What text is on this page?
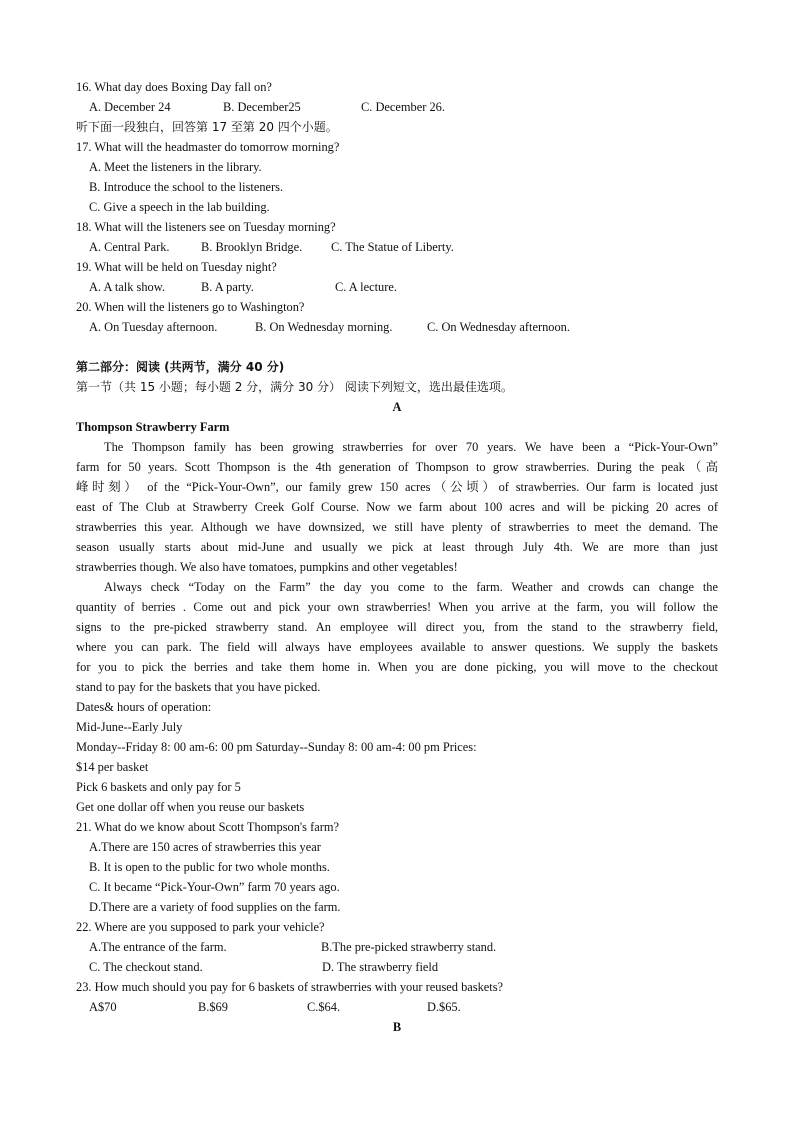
16. What day does Boxing Day fall on?
A. December 24	B. December25	C. December 26.
听下面一段独白，回答第 17 至第 20 四个小题。
17. What will the headmaster do tomorrow morning?
A. Meet the listeners in the library.
B. Introduce the school to the listeners.
C. Give a speech in the lab building.
18. What will the listeners see on Tuesday morning?
A. Central Park.	B. Brooklyn Bridge. C. The Statue of Liberty.
19. What will be held on Tuesday night?
A. A talk show.	B. A party.	C. A lecture.
20. When will the listeners go to Washington?
A. On Tuesday afternoon.	B. On Wednesday morning.	C. On Wednesday afternoon.
第二部分：阅读 (共两节，满分 40 分)
第一节（共 15 小题；每小题 2 分，满分 30 分） 阅读下列短文，选出最佳选项。
A
Thompson Strawberry Farm
The Thompson family has been growing strawberries for over 70 years. We have been a “Pick-Your-Own”
farm for 50 years. Scott Thompson is the 4th generation of Thompson to grow strawberries. During the peak（高
峰时刻） of the “Pick-Your-Own”, our family grew 150 acres（公顷）of strawberries. Our farm is located just
east of The Club at Strawberry Creek Golf Course. Now we farm about 100 acres and will be picking 20 acres of
strawberries this year. Although we have downsized, we still have plenty of strawberries to meet the demand. The
season usually starts about mid-June and usually we pick at least through July 4th. We are more than just
strawberries though. We also have tomatoes, pumpkins and other vegetables!
Always check “Today on the Farm” the day you come to the farm. Weather and crowds can change the
quantity of berries . Come out and pick your own strawberries! When you arrive at the farm, you will follow the
signs to the pre-picked strawberry stand. An employee will direct you, from the stand to the strawberry field,
where you can park. The field will always have employees available to answer questions. We supply the baskets
for you to pick the berries and take them home in. When you are done picking, you will move to the checkout
stand to pay for the baskets that you have picked.
Dates& hours of operation:
Mid-June--Early July
Monday--Friday 8: 00 am-6: 00 pm Saturday--Sunday 8: 00 am-4: 00 pm Prices:
$14 per basket
Pick 6 baskets and only pay for 5
Get one dollar off when you reuse our baskets
21. What do we know about Scott Thompson's farm?
A.There are 150 acres of strawberries this year
B. It is open to the public for two whole months.
C. It became “Pick-Your-Own” farm 70 years ago.
D.There are a variety of food supplies on the farm.
22. Where are you supposed to park your vehicle?
A.The entrance of the farm.	B.The pre-picked strawberry stand.
C. The checkout stand.	D. The strawberry field
23. How much should you pay for 6 baskets of strawberries with your reused baskets?
A$70	B.$69	C.$64.	D.$65.
B
